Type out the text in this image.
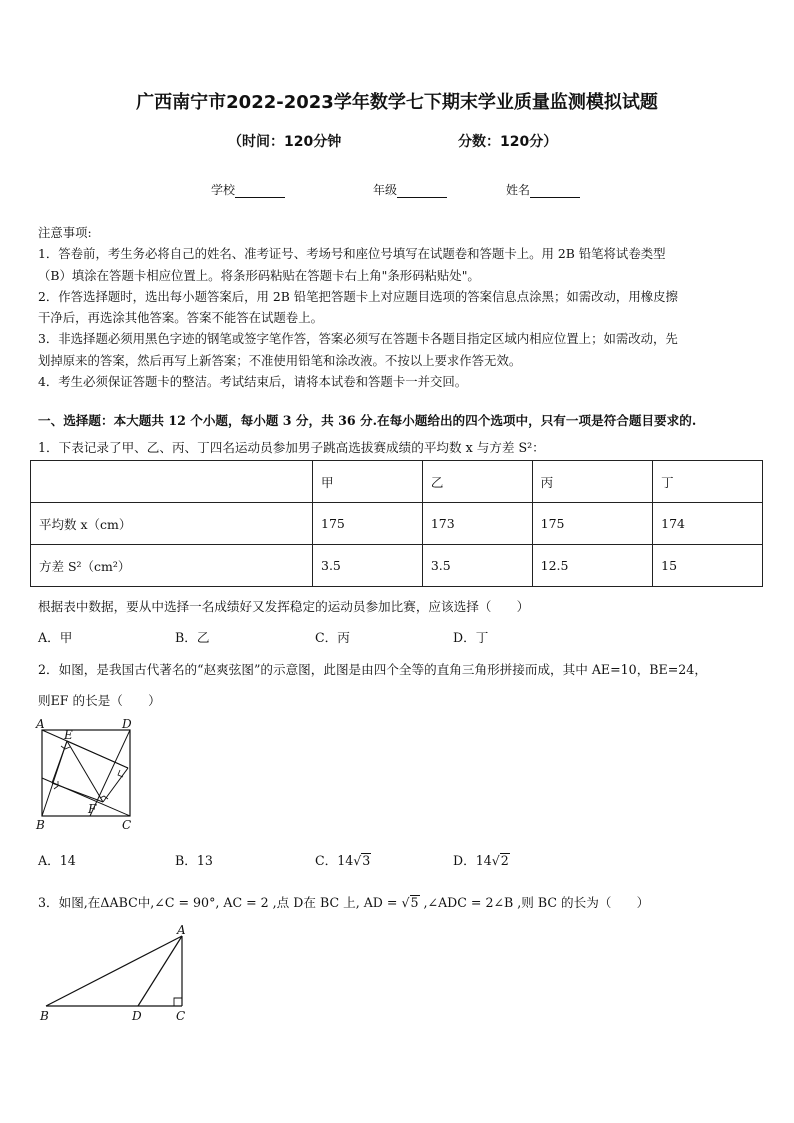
广西南宁市2022-2023学年数学七下期末学业质量监测模拟试题
（时间：120分钟	分数：120分）
学校	年级	姓名
注意事项:
1．答卷前，考生务必将自己的姓名、准考证号、考场号和座位号填写在试题卷和答题卡上。用 2B 铅笔将试卷类型
（B）填涂在答题卡相应位置上。将条形码粘贴在答题卡右上角"条形码粘贴处"。
2．作答选择题时，选出每小题答案后，用 2B 铅笔把答题卡上对应题目选项的答案信息点涂黑；如需改动，用橡皮擦
干净后，再选涂其他答案。答案不能答在试题卷上。
3．非选择题必须用黑色字迹的钢笔或签字笔作答，答案必须写在答题卡各题目指定区域内相应位置上；如需改动，先
划掉原来的答案，然后再写上新答案；不准使用铅笔和涂改液。不按以上要求作答无效。
4．考生必须保证答题卡的整洁。考试结束后，请将本试卷和答题卡一并交回。
一、选择题：本大题共 12 个小题，每小题 3 分，共 36 分.在每小题给出的四个选项中，只有一项是符合题目要求的.
1．下表记录了甲、乙、丙、丁四名运动员参加男子跳高选拔赛成绩的平均数 x 与方差 S²：
	甲	乙	丙	丁
平均数 x（cm）	175	173	175	174
方差 S²（cm²）	3.5	3.5	12.5	15
根据表中数据，要从中选择一名成绩好又发挥稳定的运动员参加比赛，应该选择（　　）
A．甲	B．乙	C．丙	D．丁
2．如图，是我国古代著名的“赵爽弦图”的示意图，此图是由四个全等的直角三角形拼接而成，其中 AE=10，BE=24，
则EF 的长是（　　）
A	D
E
F
B	C
A．14	B．13	C．14√3	D．14√2
3．如图,在ΔABC中,∠C = 90°, AC = 2 ,点 D在 BC 上, AD = √5 ,∠ADC = 2∠B ,则 BC 的长为（　　）
A
B	D	C
